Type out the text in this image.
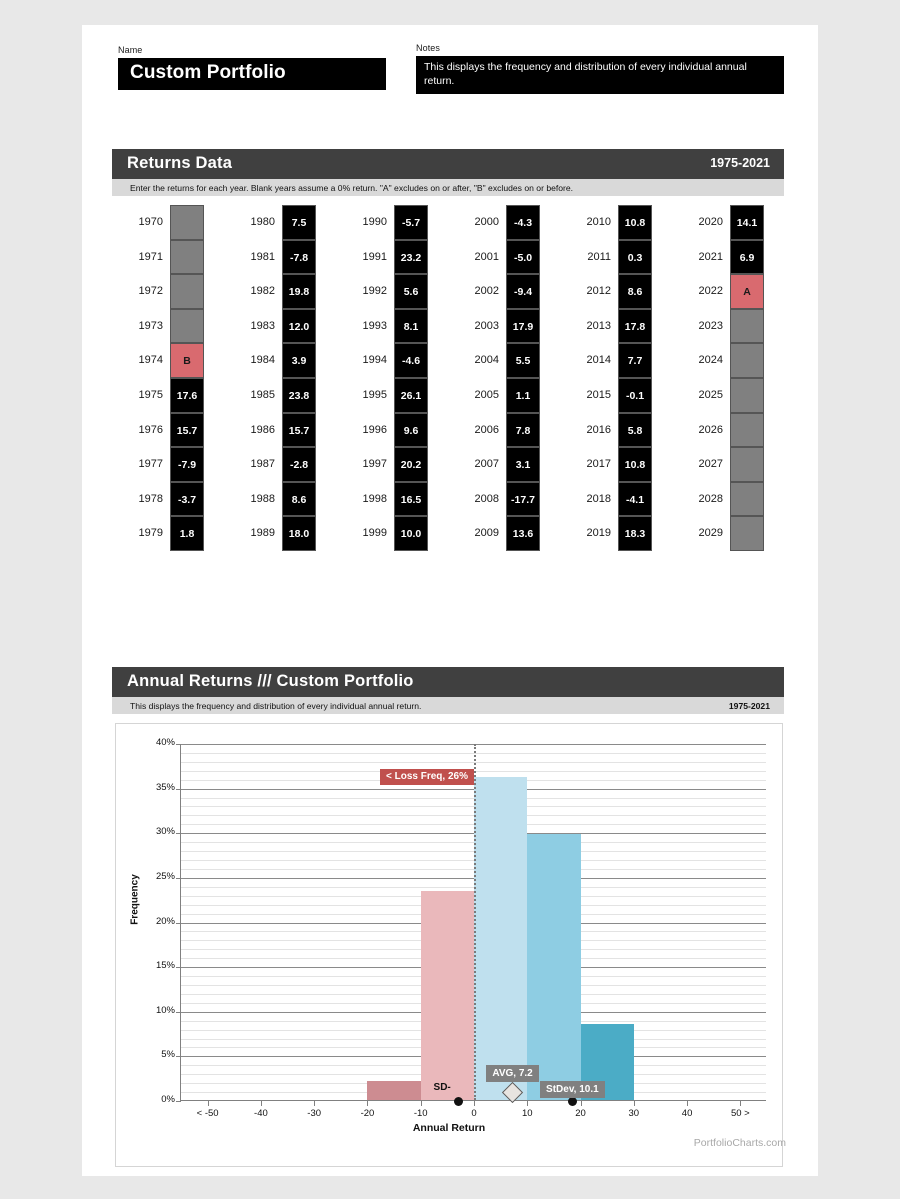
Name
Custom Portfolio
Notes
This displays the frequency and distribution of every individual annual return.
Returns Data	1975-2021
Enter the returns for each year. Blank years assume a 0% return. "A" excludes on or after, "B" excludes on or before.
1970
1971
1972
1973
1974	B
1975	17.6
1976	15.7
1977	-7.9
1978	-3.7
1979	1.8
1980	7.5
1981	-7.8
1982	19.8
1983	12.0
1984	3.9
1985	23.8
1986	15.7
1987	-2.8
1988	8.6
1989	18.0
1990	-5.7
1991	23.2
1992	5.6
1993	8.1
1994	-4.6
1995	26.1
1996	9.6
1997	20.2
1998	16.5
1999	10.0
2000	-4.3
2001	-5.0
2002	-9.4
2003	17.9
2004	5.5
2005	1.1
2006	7.8
2007	3.1
2008	-17.7
2009	13.6
2010	10.8
2011	0.3
2012	8.6
2013	17.8
2014	7.7
2015	-0.1
2016	5.8
2017	10.8
2018	-4.1
2019	18.3
2020	14.1
2021	6.9
2022	A
2023
2024
2025
2026
2027
2028
2029
Annual Returns /// Custom Portfolio
This displays the frequency and distribution of every individual annual return.	1975-2021
Frequency
0%
5%
10%
15%
20%
25%
30%
35%
40%
< -50	-40	-30	-20	-10	0	10	20	30	40	50 >
< Loss Freq, 26%
AVG, 7.2
StDev, 10.1
SD-
Annual Return
PortfolioCharts.com
